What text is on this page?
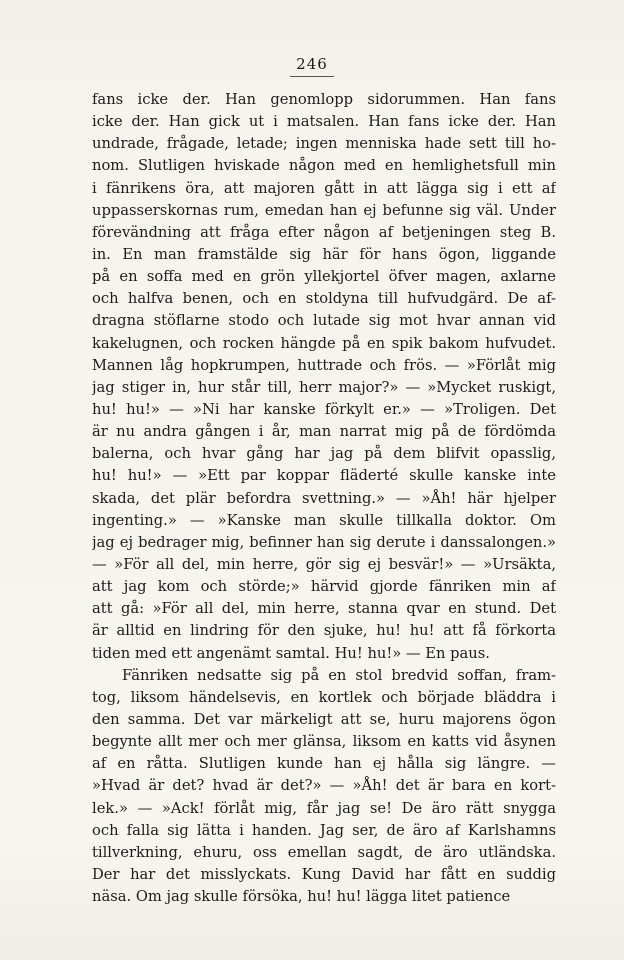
246
fans icke der. Han genomlopp sidorummen. Han fans
icke der. Han gick ut i matsalen. Han fans icke der. Han
undrade, frågade, letade; ingen menniska hade sett till ho-
nom. Slutligen hviskade någon med en hemlighetsfull min
i fänrikens öra, att majoren gått in att lägga sig i ett af
uppasserskornas rum, emedan han ej befunne sig väl. Under
förevändning att fråga efter någon af betjeningen steg B.
in. En man framstälde sig här för hans ögon, liggande
på en soffa med en grön yllekjortel öfver magen, axlarne
och halfva benen, och en stoldyna till hufvudgärd. De af-
dragna stöflarne stodo och lutade sig mot hvar annan vid
kakelugnen, och rocken hängde på en spik bakom hufvudet.
Mannen låg hopkrumpen, huttrade och frös. — »Förlåt mig
jag stiger in, hur står till, herr major?» — »Mycket ruskigt,
hu! hu!» — »Ni har kanske förkylt er.» — »Troligen. Det
är nu andra gången i år, man narrat mig på de fördömda
balerna, och hvar gång har jag på dem blifvit opasslig,
hu! hu!» — »Ett par koppar fläderté skulle kanske inte
skada, det plär befordra svettning.» — »Åh! här hjelper
ingenting.» — »Kanske man skulle tillkalla doktor. Om
jag ej bedrager mig, befinner han sig derute i danssalongen.»
— »För all del, min herre, gör sig ej besvär!» — »Ursäkta,
att jag kom och störde;» härvid gjorde fänriken min af
att gå: »För all del, min herre, stanna qvar en stund. Det
är alltid en lindring för den sjuke, hu! hu! att få förkorta
tiden med ett angenämt samtal. Hu! hu!» — En paus.
Fänriken nedsatte sig på en stol bredvid soffan, fram-
tog, liksom händelsevis, en kortlek och började bläddra i
den samma. Det var märkeligt att se, huru majorens ögon
begynte allt mer och mer glänsa, liksom en katts vid åsynen
af en råtta. Slutligen kunde han ej hålla sig längre. —
»Hvad är det? hvad är det?» — »Åh! det är bara en kort-
lek.» — »Ack! förlåt mig, får jag se! De äro rätt snygga
och falla sig lätta i handen. Jag ser, de äro af Karlshamns
tillverkning, ehuru, oss emellan sagdt, de äro utländska.
Der har det misslyckats. Kung David har fått en suddig
näsa. Om jag skulle försöka, hu! hu! lägga litet patience
